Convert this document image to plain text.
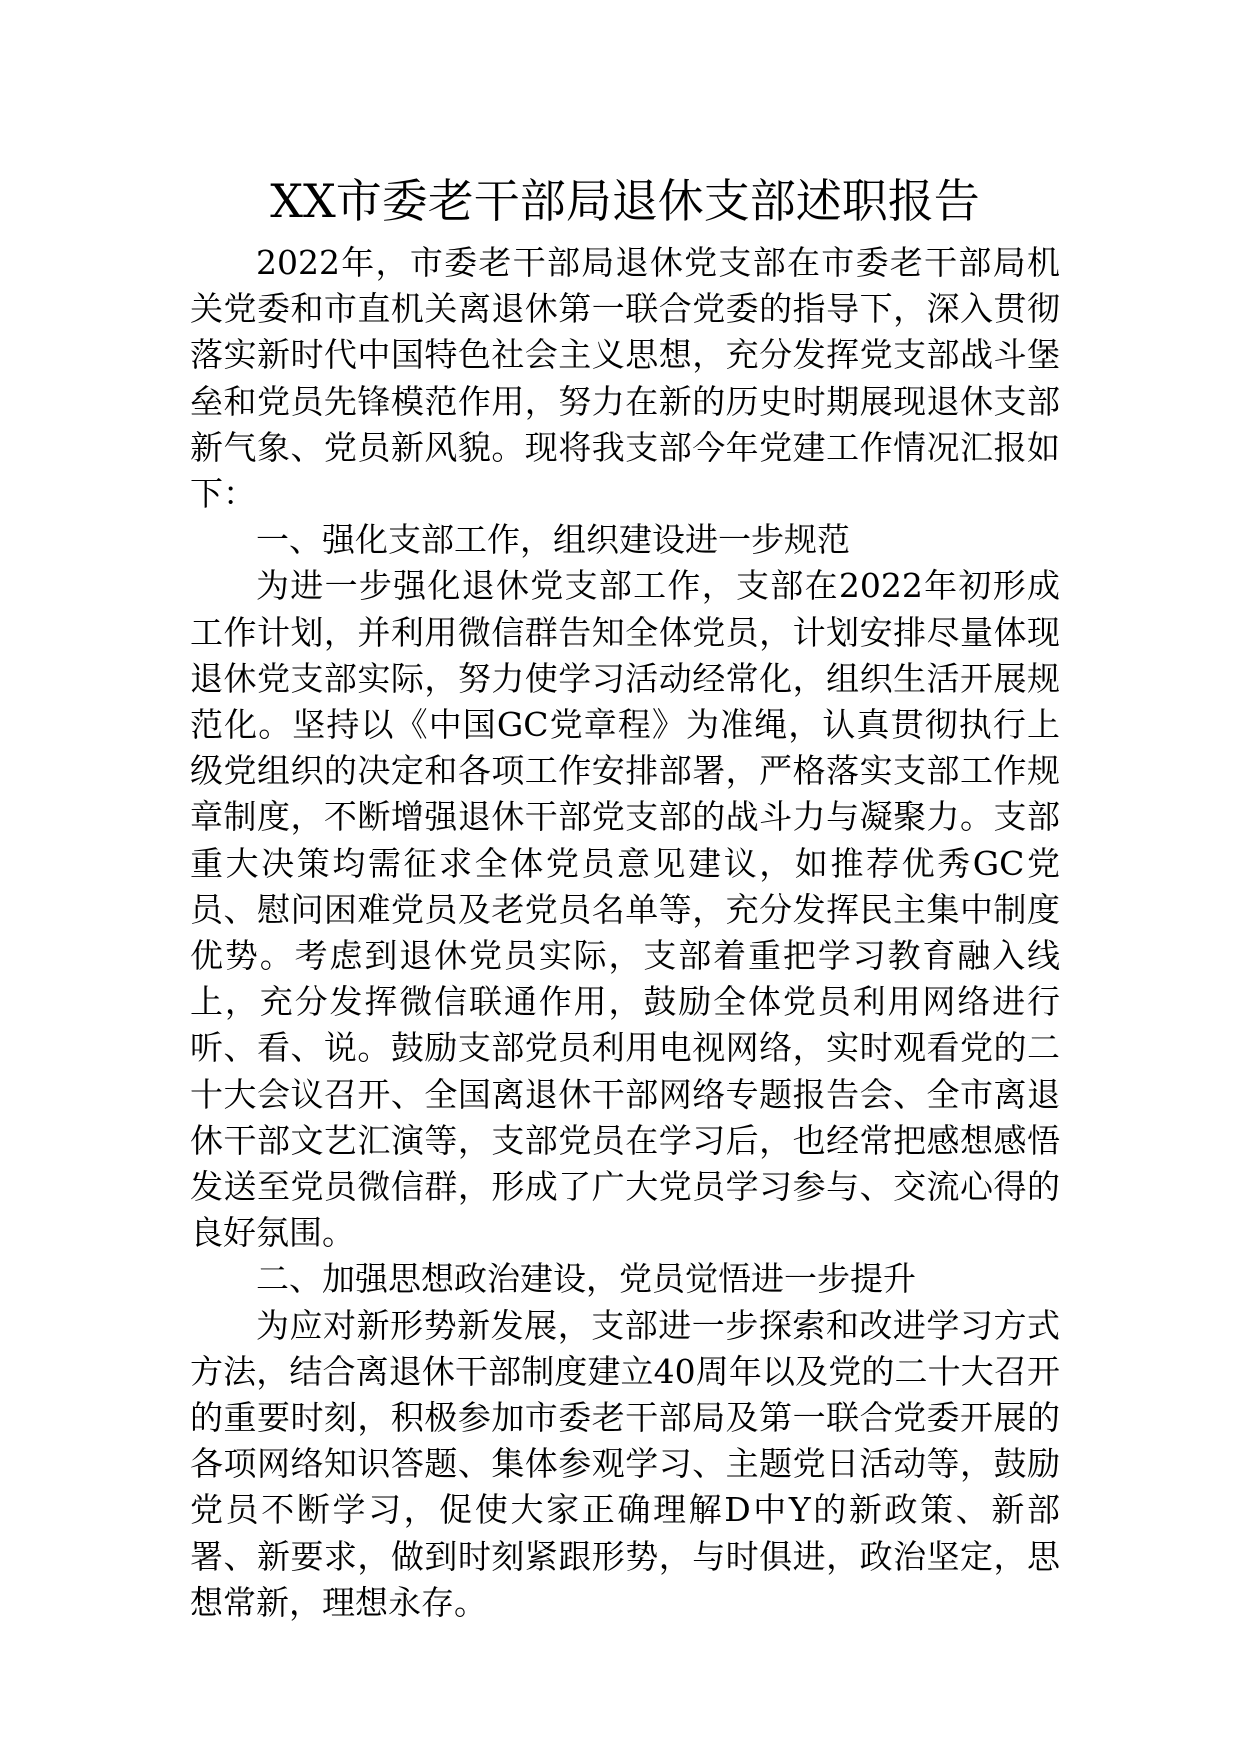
XX市委老干部局退休支部述职报告

2022年，市委老干部局退休党支部在市委老干部局机关党委和市直机关离退休第一联合党委的指导下，深入贯彻落实新时代中国特色社会主义思想，充分发挥党支部战斗堡垒和党员先锋模范作用，努力在新的历史时期展现退休支部新气象、党员新风貌。现将我支部今年党建工作情况汇报如下：

一、强化支部工作，组织建设进一步规范

为进一步强化退休党支部工作，支部在2022年初形成工作计划，并利用微信群告知全体党员，计划安排尽量体现退休党支部实际，努力使学习活动经常化，组织生活开展规范化。坚持以《中国GC党章程》为准绳，认真贯彻执行上级党组织的决定和各项工作安排部署，严格落实支部工作规章制度，不断增强退休干部党支部的战斗力与凝聚力。支部重大决策均需征求全体党员意见建议，如推荐优秀GC党员、慰问困难党员及老党员名单等，充分发挥民主集中制度优势。考虑到退休党员实际，支部着重把学习教育融入线上，充分发挥微信联通作用，鼓励全体党员利用网络进行听、看、说。鼓励支部党员利用电视网络，实时观看党的二十大会议召开、全国离退休干部网络专题报告会、全市离退休干部文艺汇演等，支部党员在学习后，也经常把感想感悟发送至党员微信群，形成了广大党员学习参与、交流心得的良好氛围。

二、加强思想政治建设，党员觉悟进一步提升

为应对新形势新发展，支部进一步探索和改进学习方式方法，结合离退休干部制度建立40周年以及党的二十大召开的重要时刻，积极参加市委老干部局及第一联合党委开展的各项网络知识答题、集体参观学习、主题党日活动等，鼓励党员不断学习，促使大家正确理解D中Y的新政策、新部署、新要求，做到时刻紧跟形势，与时俱进，政治坚定，思想常新，理想永存。
